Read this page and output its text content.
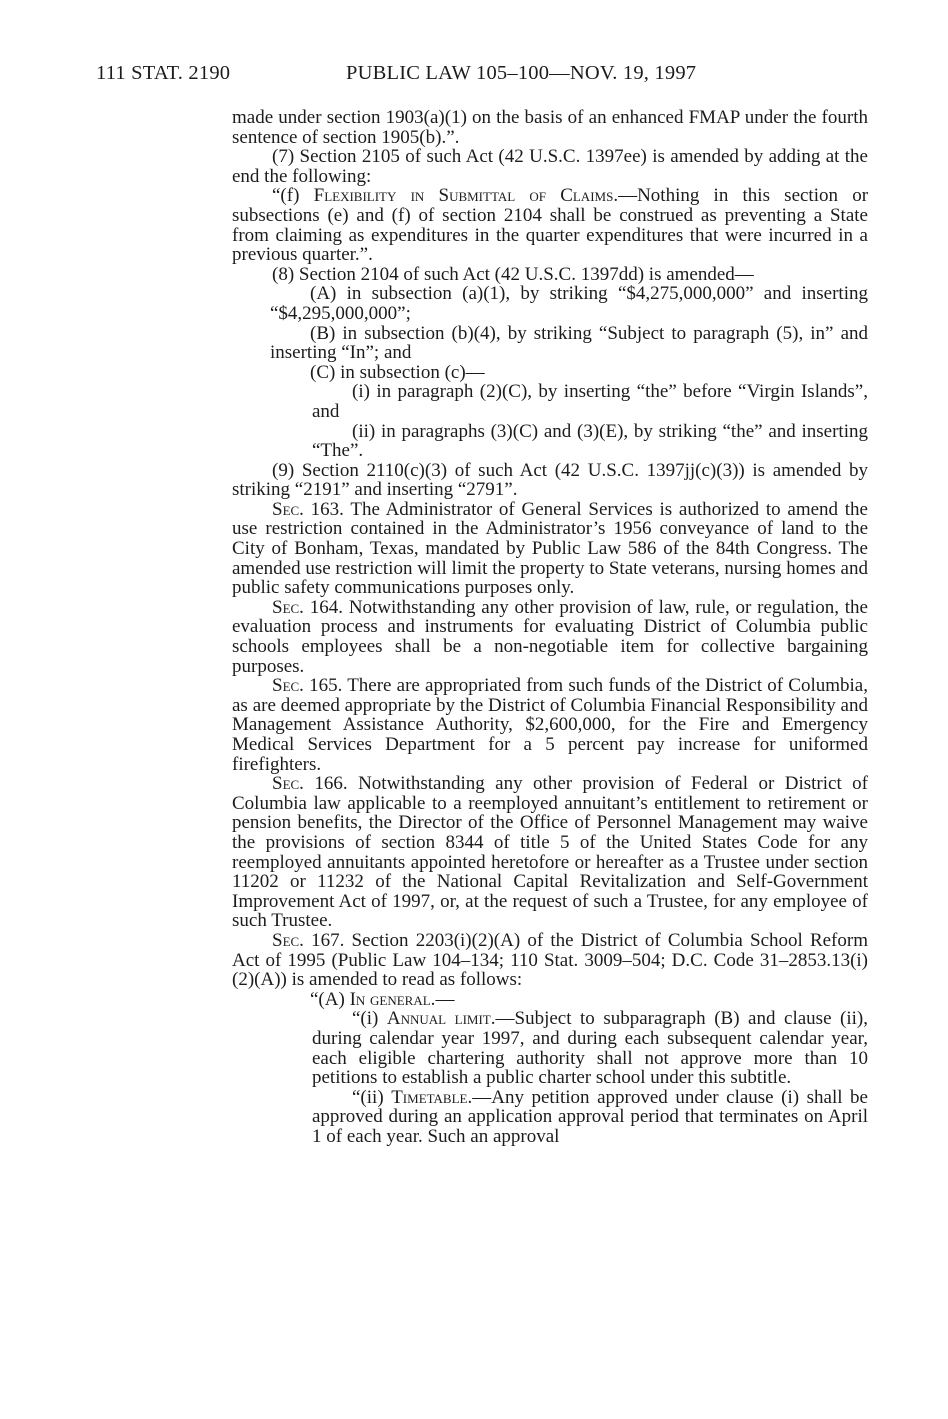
111 STAT. 2190	PUBLIC LAW 105–100—NOV. 19, 1997

made under section 1903(a)(1) on the basis of an enhanced FMAP under the fourth sentence of section 1905(b).”.

(7) Section 2105 of such Act (42 U.S.C. 1397ee) is amended by adding at the end the following:

“(f) Flexibility in Submittal of Claims.—Nothing in this section or subsections (e) and (f) of section 2104 shall be construed as preventing a State from claiming as expenditures in the quarter expenditures that were incurred in a previous quarter.”.

(8) Section 2104 of such Act (42 U.S.C. 1397dd) is amended—

(A) in subsection (a)(1), by striking “$4,275,000,000” and inserting “$4,295,000,000”;

(B) in subsection (b)(4), by striking “Subject to paragraph (5), in” and inserting “In”; and

(C) in subsection (c)—

(i) in paragraph (2)(C), by inserting “the” before “Virgin Islands”, and

(ii) in paragraphs (3)(C) and (3)(E), by striking “the” and inserting “The”.

(9) Section 2110(c)(3) of such Act (42 U.S.C. 1397jj(c)(3)) is amended by striking “2191” and inserting “2791”.

Sec. 163. The Administrator of General Services is authorized to amend the use restriction contained in the Administrator’s 1956 conveyance of land to the City of Bonham, Texas, mandated by Public Law 586 of the 84th Congress. The amended use restriction will limit the property to State veterans, nursing homes and public safety communications purposes only.

Sec. 164. Notwithstanding any other provision of law, rule, or regulation, the evaluation process and instruments for evaluating District of Columbia public schools employees shall be a non-negotiable item for collective bargaining purposes.

Sec. 165. There are appropriated from such funds of the District of Columbia, as are deemed appropriate by the District of Columbia Financial Responsibility and Management Assistance Authority, $2,600,000, for the Fire and Emergency Medical Services Department for a 5 percent pay increase for uniformed firefighters.

Sec. 166. Notwithstanding any other provision of Federal or District of Columbia law applicable to a reemployed annuitant’s entitlement to retirement or pension benefits, the Director of the Office of Personnel Management may waive the provisions of section 8344 of title 5 of the United States Code for any reemployed annuitants appointed heretofore or hereafter as a Trustee under section 11202 or 11232 of the National Capital Revitalization and Self-Government Improvement Act of 1997, or, at the request of such a Trustee, for any employee of such Trustee.

Sec. 167. Section 2203(i)(2)(A) of the District of Columbia School Reform Act of 1995 (Public Law 104–134; 110 Stat. 3009–504; D.C. Code 31–2853.13(i)(2)(A)) is amended to read as follows:

“(A) In general.—

“(i) Annual limit.—Subject to subparagraph (B) and clause (ii), during calendar year 1997, and during each subsequent calendar year, each eligible chartering authority shall not approve more than 10 petitions to establish a public charter school under this subtitle.

“(ii) Timetable.—Any petition approved under clause (i) shall be approved during an application approval period that terminates on April 1 of each year. Such an approval
